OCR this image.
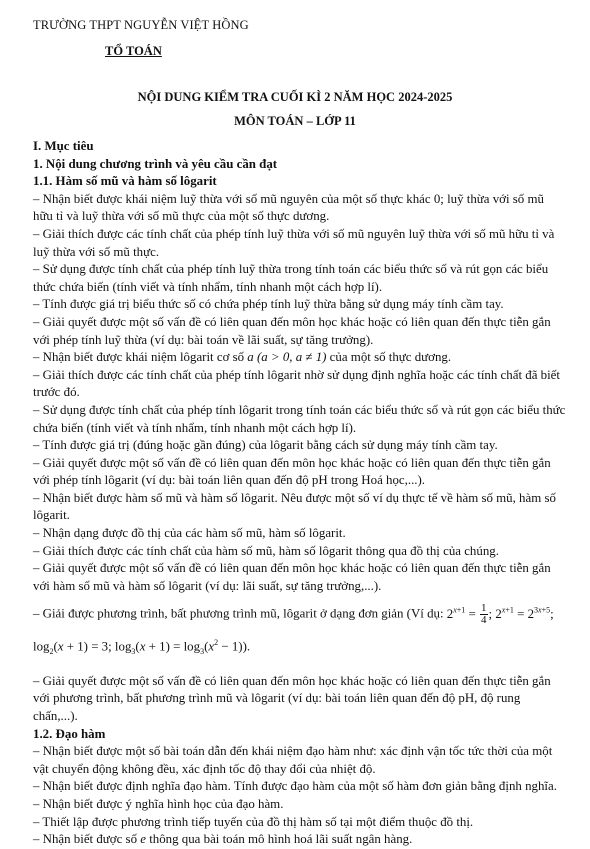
TRƯỜNG THPT NGUYỄN VIỆT HỒNG
TỔ TOÁN
NỘI DUNG KIỂM TRA CUỐI KÌ 2 NĂM HỌC 2024-2025
MÔN TOÁN – LỚP 11

I. Mục tiêu

1. Nội dung chương trình và yêu cầu cần đạt

1.1. Hàm số mũ và hàm số lôgarit

– Nhận biết được khái niệm luỹ thừa với số mũ nguyên của một số thực khác 0; luỹ thừa với số mũ hữu tỉ và luỹ thừa với số mũ thực của một số thực dương.

– Giải thích được các tính chất của phép tính luỹ thừa với số mũ nguyên luỹ thừa với số mũ hữu tỉ và luỹ thừa với số mũ thực.

– Sử dụng được tính chất của phép tính luỹ thừa trong tính toán các biểu thức số và rút gọn các biểu thức chứa biến (tính viết và tính nhẩm, tính nhanh một cách hợp lí).

– Tính được giá trị biểu thức số có chứa phép tính luỹ thừa bằng sử dụng máy tính cầm tay.

– Giải quyết được một số vấn đề có liên quan đến môn học khác hoặc có liên quan đến thực tiễn gắn với phép tính luỹ thừa (ví dụ: bài toán về lãi suất, sự tăng trưởng).

– Nhận biết được khái niệm lôgarit cơ số a (a > 0, a ≠ 1) của một số thực dương.

– Giải thích được các tính chất của phép tính lôgarit nhờ sử dụng định nghĩa hoặc các tính chất đã biết trước đó.

– Sử dụng được tính chất của phép tính lôgarit trong tính toán các biểu thức số và rút gọn các biểu thức chứa biến (tính viết và tính nhẩm, tính nhanh một cách hợp lí).

– Tính được giá trị (đúng hoặc gần đúng) của lôgarit bằng cách sử dụng máy tính cầm tay.

– Giải quyết được một số vấn đề có liên quan đến môn học khác hoặc có liên quan đến thực tiễn gắn với phép tính lôgarit (ví dụ: bài toán liên quan đến độ pH trong Hoá học,...).

– Nhận biết được hàm số mũ và hàm số lôgarit. Nêu được một số ví dụ thực tế về hàm số mũ, hàm số lôgarit.

– Nhận dạng được đồ thị của các hàm số mũ, hàm số lôgarit.

– Giải thích được các tính chất của hàm số mũ, hàm số lôgarit thông qua đồ thị của chúng.

– Giải quyết được một số vấn đề có liên quan đến môn học khác hoặc có liên quan đến thực tiễn gắn với hàm số mũ và hàm số lôgarit (ví dụ: lãi suất, sự tăng trưởng,...).

– Giải được phương trình, bất phương trình mũ, lôgarit ở dạng đơn giản (Ví dụ: $2^{x+1} = \frac{1}{4}$ ; $2^{x+1} = 2^{3x+5}$;

$\log_2(x + 1) = 3$; $\log_3(x + 1) = \log_3(x^2 - 1)$).

– Giải quyết được một số vấn đề có liên quan đến môn học khác hoặc có liên quan đến thực tiễn gắn với phương trình, bất phương trình mũ và lôgarit (ví dụ: bài toán liên quan đến độ pH, độ rung chấn,...).

1.2. Đạo hàm

– Nhận biết được một số bài toán dẫn đến khái niệm đạo hàm như: xác định vận tốc tức thời của một vật chuyển động không đều, xác định tốc độ thay đổi của nhiệt độ.

– Nhận biết được định nghĩa đạo hàm. Tính được đạo hàm của một số hàm đơn giản bằng định nghĩa.

– Nhận biết được ý nghĩa hình học của đạo hàm.

– Thiết lập được phương trình tiếp tuyến của đồ thị hàm số tại một điểm thuộc đồ thị.

– Nhận biết được số e thông qua bài toán mô hình hoá lãi suất ngân hàng.
